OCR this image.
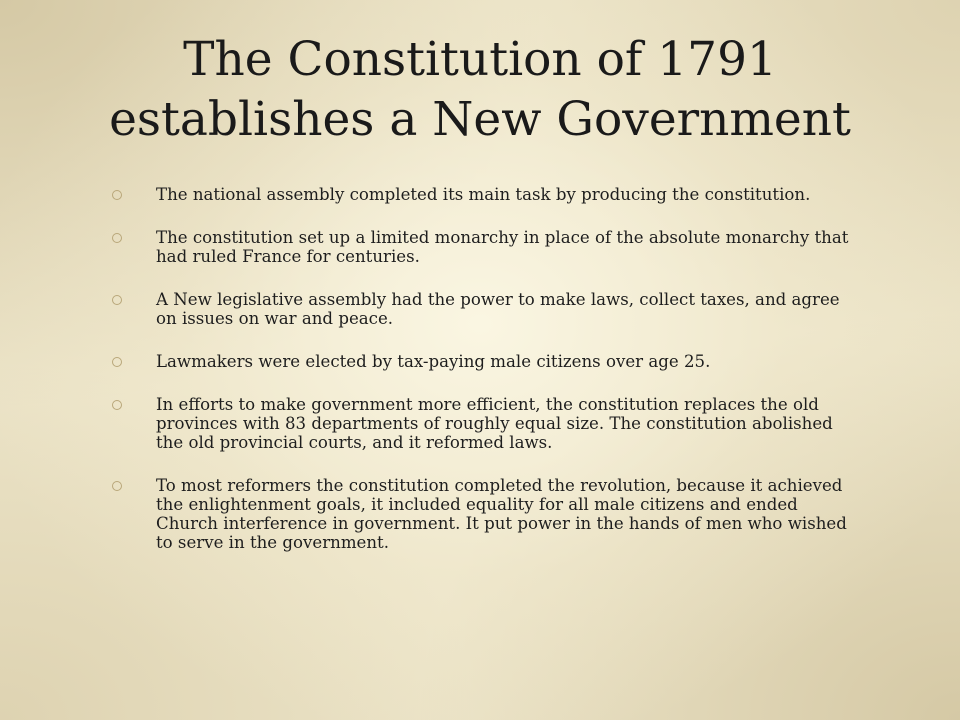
The Constitution of 1791
establishes a New Government
The national assembly completed its main task by producing the constitution.
The constitution set up a limited monarchy in place of the absolute monarchy that had ruled France for centuries.
A New legislative assembly had the power to make laws, collect taxes, and agree on issues on war and peace.
Lawmakers were elected by tax-paying male citizens over age 25.
In efforts to make government more efficient, the constitution replaces the old provinces with 83 departments of roughly equal size. The constitution abolished the old provincial courts, and it reformed laws.
To most reformers the constitution completed the revolution, because it achieved the enlightenment goals, it included equality for all male citizens and ended Church interference in government. It put power in the hands of men who wished to serve in the government.
